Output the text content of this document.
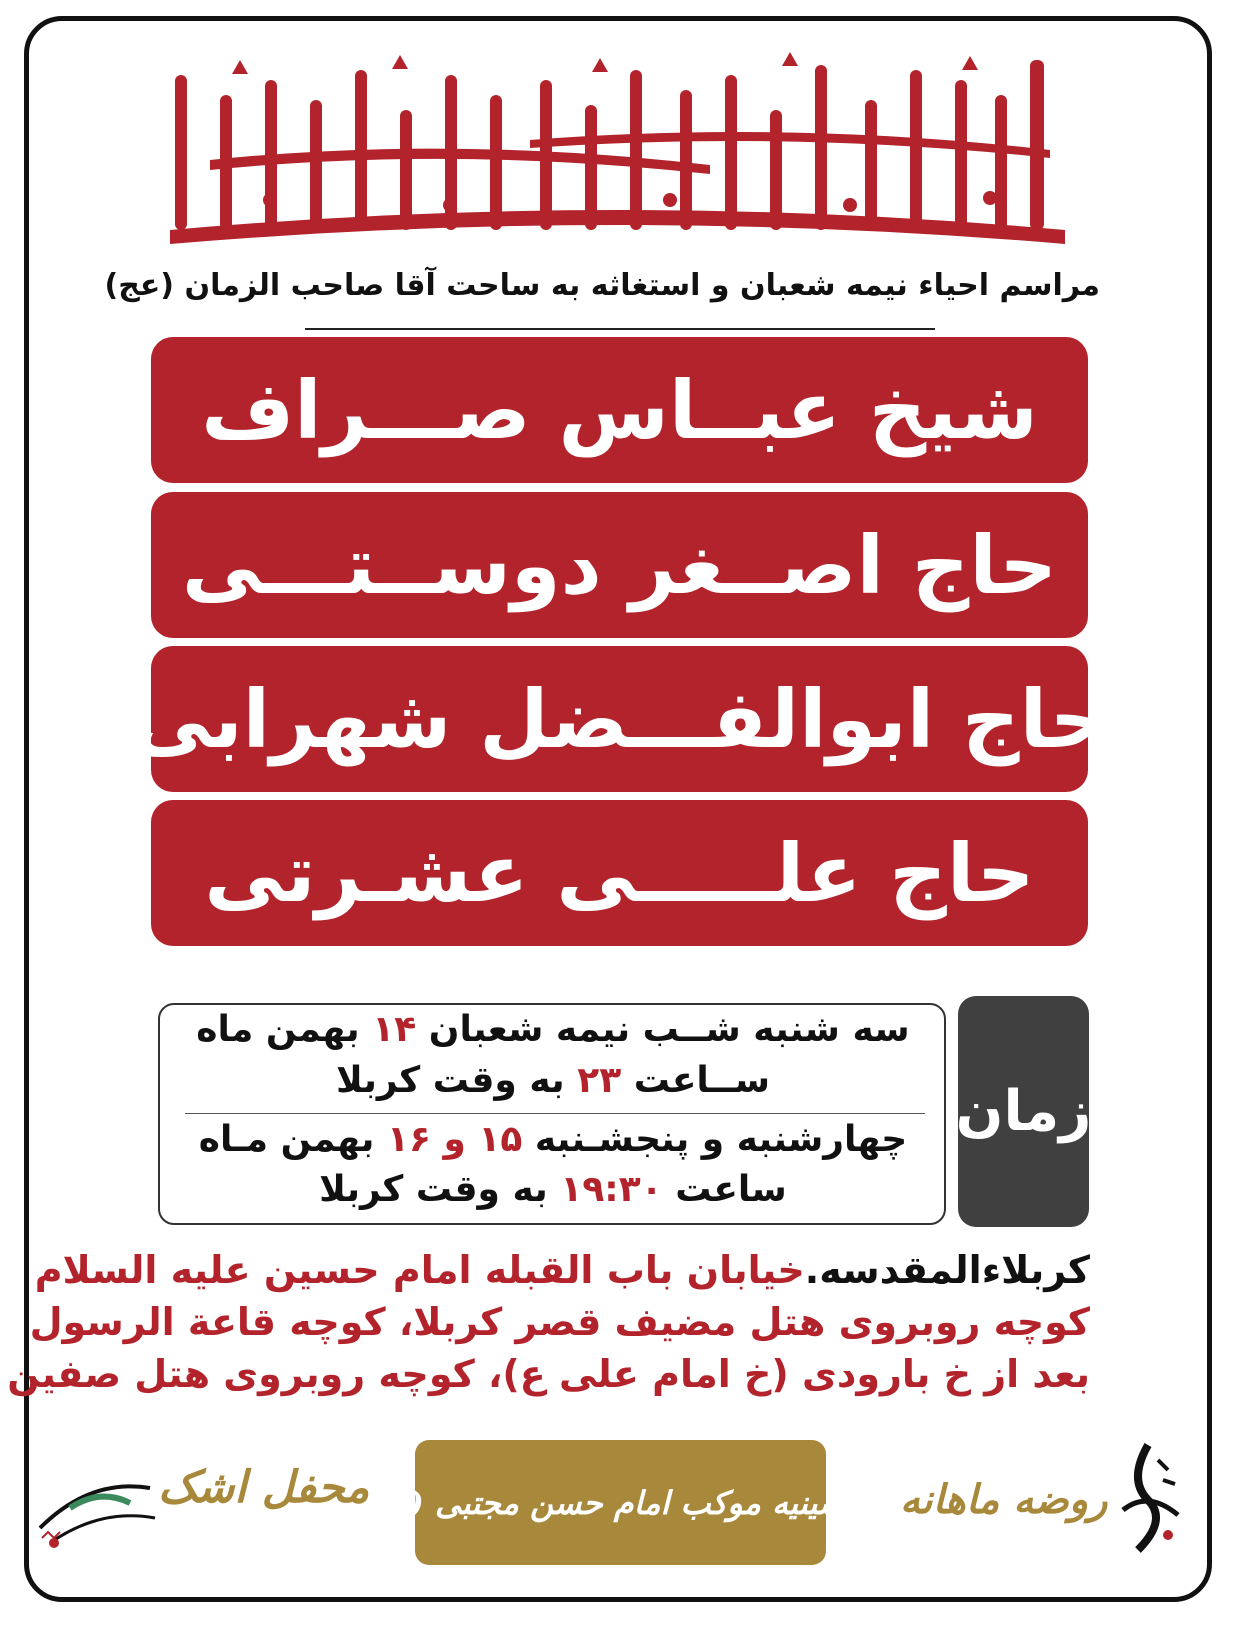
مراسم احیاء نیمه شعبان و استغاثه به ساحت آقا صاحب الزمان (عج)
شیخ عبــاس صـــراف
حاج اصــغر دوســتـــی
حاج ابوالفـــضل شهرابی
حاج علـــــی عشـرتی
زمان
سه شنبه شــب نیمه شعبان ۱۴ بهمن ماه
ســاعت ۲۳ به وقت کربلا
چهارشنبه و پنجشـنبه ۱۵ و ۱۶ بهمن مـاه
ساعت ۱۹:۳۰ به وقت کربلا
کربلاءالمقدسه.خیابان باب القبله امام حسین علیه السلام
کوچه روبروی هتل مضیف قصر کربلا، کوچه قاعة الرسول
بعد از خ بارودی (خ امام علی ع)، کوچه روبروی هتل صفین
حسینیه موکب امام حسن مجتبی (ع) روضه ماهانه
محفل اشک
